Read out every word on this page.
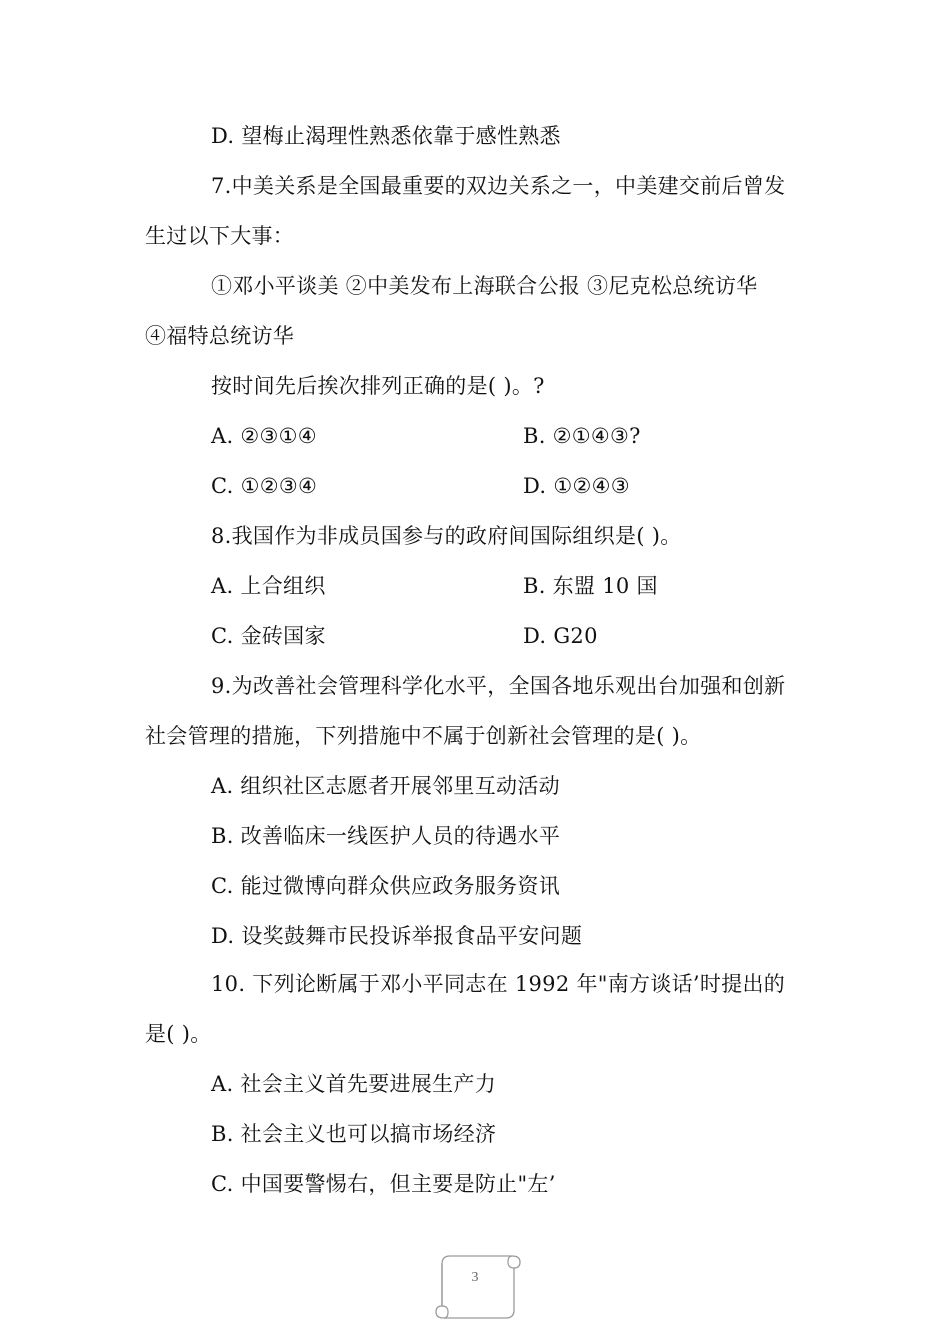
D. 望梅止渴理性熟悉依靠于感性熟悉
7.中美关系是全国最重要的双边关系之一，中美建交前后曾发
生过以下大事：
①邓小平谈美 ②中美发布上海联合公报 ③尼克松总统访华
④福特总统访华
按时间先后挨次排列正确的是( )。?
A. ②③①④	B. ②①④③?
C. ①②③④	D. ①②④③
8.我国作为非成员国参与的政府间国际组织是( )。
A. 上合组织	B. 东盟 10 国
C. 金砖国家	D. G20
9.为改善社会管理科学化水平，全国各地乐观出台加强和创新
社会管理的措施，下列措施中不属于创新社会管理的是( )。
A. 组织社区志愿者开展邻里互动活动
B. 改善临床一线医护人员的待遇水平
C. 能过微博向群众供应政务服务资讯
D. 设奖鼓舞市民投诉举报食品平安问题
10. 下列论断属于邓小平同志在 1992 年"南方谈话’时提出的
是( )。
A. 社会主义首先要进展生产力
B. 社会主义也可以搞市场经济
C. 中国要警惕右，但主要是防止"左’
3
